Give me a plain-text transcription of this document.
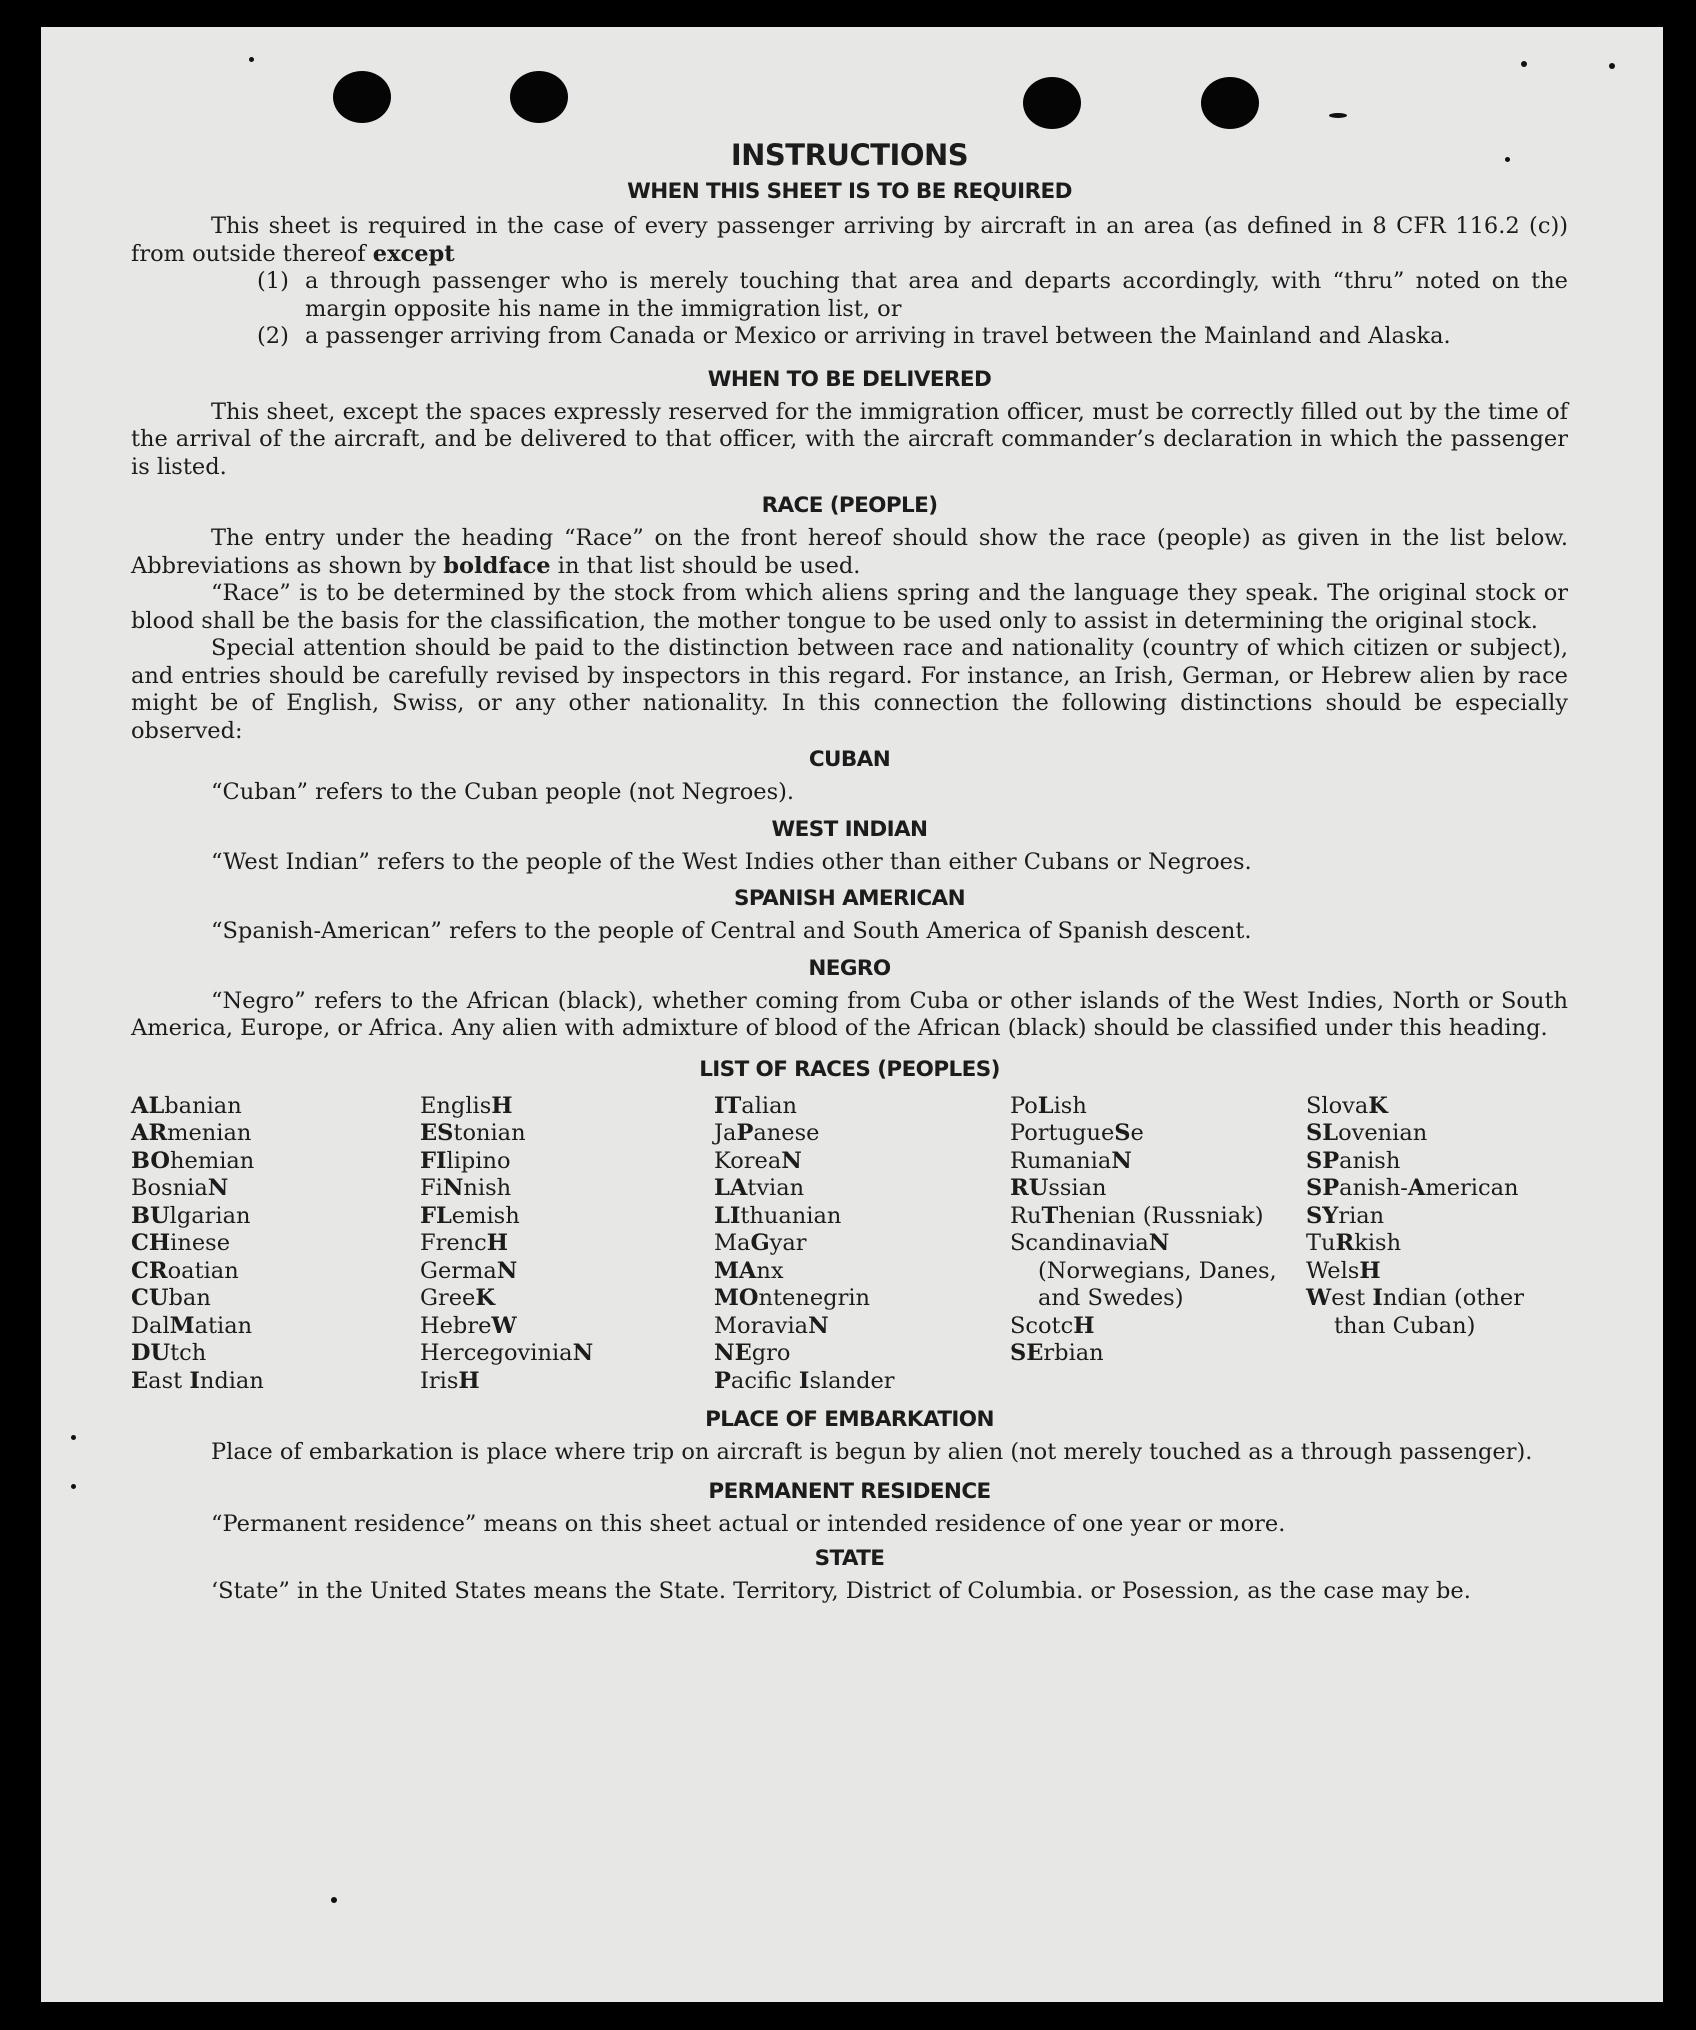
INSTRUCTIONS
WHEN THIS SHEET IS TO BE REQUIRED

This sheet is required in the case of every passenger arriving by aircraft in an area (as defined in 8 CFR 116.2 (c)) from outside thereof except

(1) a through passenger who is merely touching that area and departs accordingly, with “thru” noted on the margin opposite his name in the immigration list, or
(2) a passenger arriving from Canada or Mexico or arriving in travel between the Mainland and Alaska.
WHEN TO BE DELIVERED

This sheet, except the spaces expressly reserved for the immigration officer, must be correctly filled out by the time of the arrival of the aircraft, and be delivered to that officer, with the aircraft commander’s declaration in which the passenger is listed.

RACE (PEOPLE)

The entry under the heading “Race” on the front hereof should show the race (people) as given in the list below. Abbreviations as shown by boldface in that list should be used.

“Race” is to be determined by the stock from which aliens spring and the language they speak. The original stock or blood shall be the basis for the classification, the mother tongue to be used only to assist in determining the original stock.

Special attention should be paid to the distinction between race and nationality (country of which citizen or subject), and entries should be carefully revised by inspectors in this regard. For instance, an Irish, German, or Hebrew alien by race might be of English, Swiss, or any other nationality. In this connection the following distinctions should be especially observed:

CUBAN

“Cuban” refers to the Cuban people (not Negroes).

WEST INDIAN

“West Indian” refers to the people of the West Indies other than either Cubans or Negroes.

SPANISH AMERICAN

“Spanish-American” refers to the people of Central and South America of Spanish descent.

NEGRO

“Negro” refers to the African (black), whether coming from Cuba or other islands of the West Indies, North or South America, Europe, or Africa. Any alien with admixture of blood of the African (black) should be classified under this heading.

LIST OF RACES (PEOPLES)
ALbanian
ARmenian
BOhemian
BosniaN
BUlgarian
CHinese
CRoatian
CUban
DalMatian
DUtch
East Indian
EnglisH
EStonian
FIlipino
FiNnish
FLemish
FrencH
GermaN
GreeK
HebreW
HercegoviniaN
IrisH
ITalian
JaPanese
KoreaN
LAtvian
LIthuanian
MaGyar
MAnx
MOntenegrin
MoraviaN
NEgro
Pacific Islander
PoLish
PortugueSe
RumaniaN
RUssian
RuThenian (Russniak)
ScandinaviaN (Norwegians, Danes, and Swedes)
ScotcH
SErbian
SlovaK
SLovenian
SPanish
SPanish-American
SYrian
TuRkish
WelsH
West Indian (other than Cuban)
PLACE OF EMBARKATION

Place of embarkation is place where trip on aircraft is begun by alien (not merely touched as a through passenger).

PERMANENT RESIDENCE

“Permanent residence” means on this sheet actual or intended residence of one year or more.

STATE

‘State” in the United States means the State. Territory, District of Columbia. or Posession, as the case may be.
